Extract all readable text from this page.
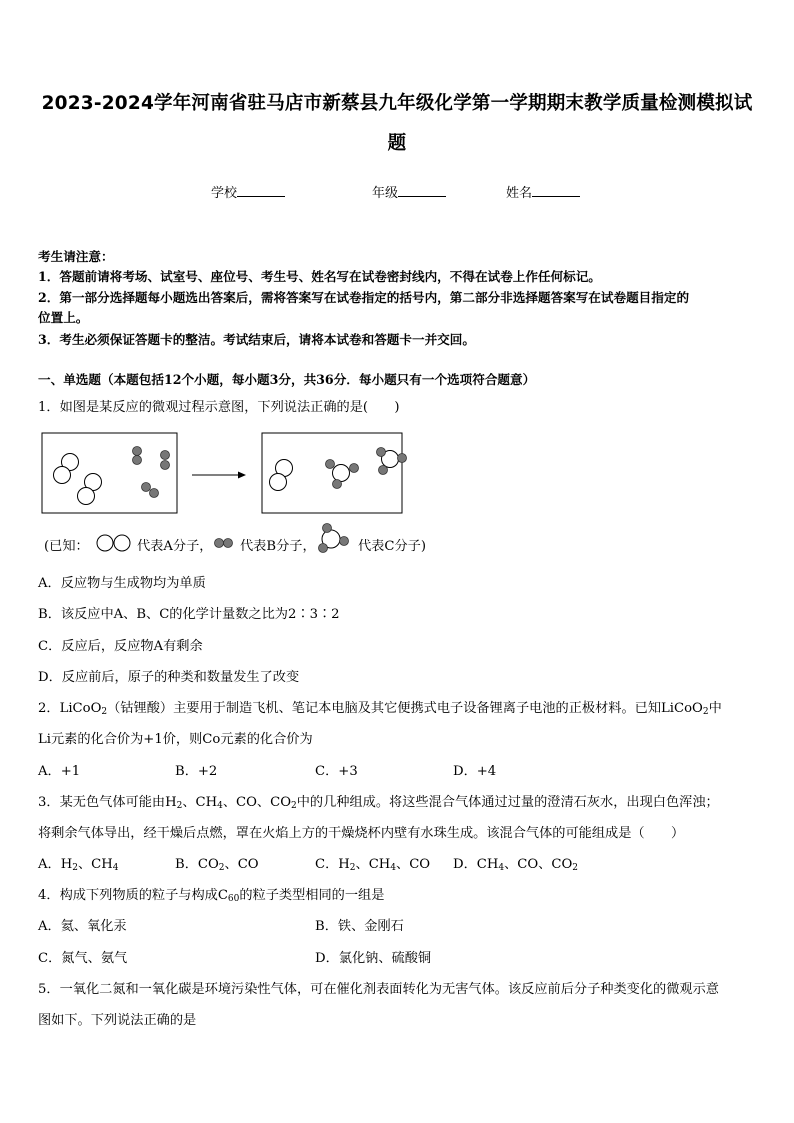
2023-2024学年河南省驻马店市新蔡县九年级化学第一学期期末教学质量检测模拟试
题
学校	年级	姓名
考生请注意：
1．答题前请将考场、试室号、座位号、考生号、姓名写在试卷密封线内，不得在试卷上作任何标记。
2．第一部分选择题每小题选出答案后，需将答案写在试卷指定的括号内，第二部分非选择题答案写在试卷题目指定的
位置上。
3．考生必须保证答题卡的整洁。考试结束后，请将本试卷和答题卡一并交回。
一、单选题（本题包括12个小题，每小题3分，共36分．每小题只有一个选项符合题意）
1．如图是某反应的微观过程示意图，下列说法正确的是(　　)
(已知：	代表A分子， 代表B分子，	代表C分子)
A．反应物与生成物均为单质
B．该反应中A、B、C的化学计量数之比为2∶3∶2
C．反应后，反应物A有剩余
D．反应前后，原子的种类和数量发生了改变
2．LiCoO$_2$（钴锂酸）主要用于制造飞机、笔记本电脑及其它便携式电子设备锂离子电池的正极材料。已知LiCoO$_2$中
Li元素的化合价为+1价，则Co元素的化合价为
A．+1	B．+2	C．+3	D．+4
3．某无色气体可能由$H_2$、$CH_4$、CO、$CO_2$中的几种组成。将这些混合气体通过过量的澄清石灰水，出现白色浑浊；
将剩余气体导出，经干燥后点燃，罩在火焰上方的干燥烧杯内壁有水珠生成。该混合气体的可能组成是（　　）
A．$H_2$、$CH_4$	B．$CO_2$、CO	C．$H_2$、$CH_4$、CO D．$CH_4$、CO、$CO_2$
4．构成下列物质的粒子与构成$C_{60}$的粒子类型相同的一组是
A．氦、氧化汞	B．铁、金刚石
C．氮气、氨气	D．氯化钠、硫酸铜
5．一氧化二氮和一氧化碳是环境污染性气体，可在催化剂表面转化为无害气体。该反应前后分子种类变化的微观示意
图如下。下列说法正确的是
